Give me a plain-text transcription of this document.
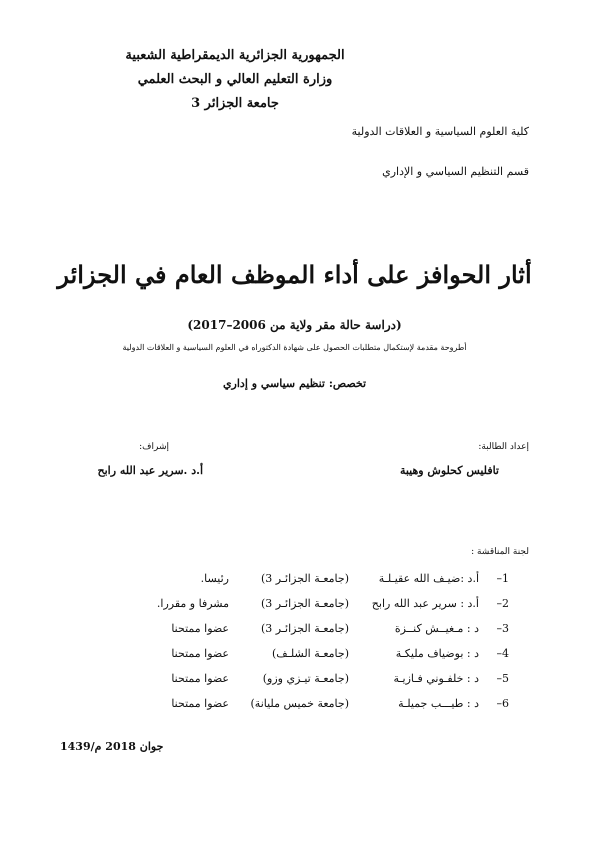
الجمهورية الجزائرية الديمقراطية الشعبية
وزارة التعليم العالي و البحث العلمي
جامعة الجزائر 3
كلية العلوم السياسية و العلاقات الدولية
قسم التنظيم السياسي و الإداري
أثار الحوافز على أداء الموظف العام في الجزائر
(دراسة حالة مقر ولاية من 2006–2017)
أطروحة مقدمة لإستكمال متطلبات الحصول على شهادة الدكتوراه في العلوم السياسية و العلاقات الدولية
تخصص: تنظيم سياسي و إداري
إعداد الطالبة:
إشراف:
تافليس كحلوش وهيبة
أ.د .سرير عبد الله رابح
لجنة المناقشة :
1–
أ.د :ضيـف الله عقيـلـة
(جامعـة الجزائـر 3)
رئيسا.
2–
أ.د : سرير عبد الله رابح
(جامعـة الجزائـر 3)
مشرفا و مقررا.
3–
د : مـغيــش كنــزة
(جامعـة الجزائـر 3)
عضوا ممتحنا
4–
د : بوضياف مليكـة
(جامعـة الشلـف)
عضوا ممتحنا
5–
د : خلفـوني فـازيـة
(جامعـة تيـزي وزو)
عضوا ممتحنا
6–
د : طيـــب جميلـة
(جامعة خميس مليانة)
عضوا ممتحنا
جوان 2018 م/1439
